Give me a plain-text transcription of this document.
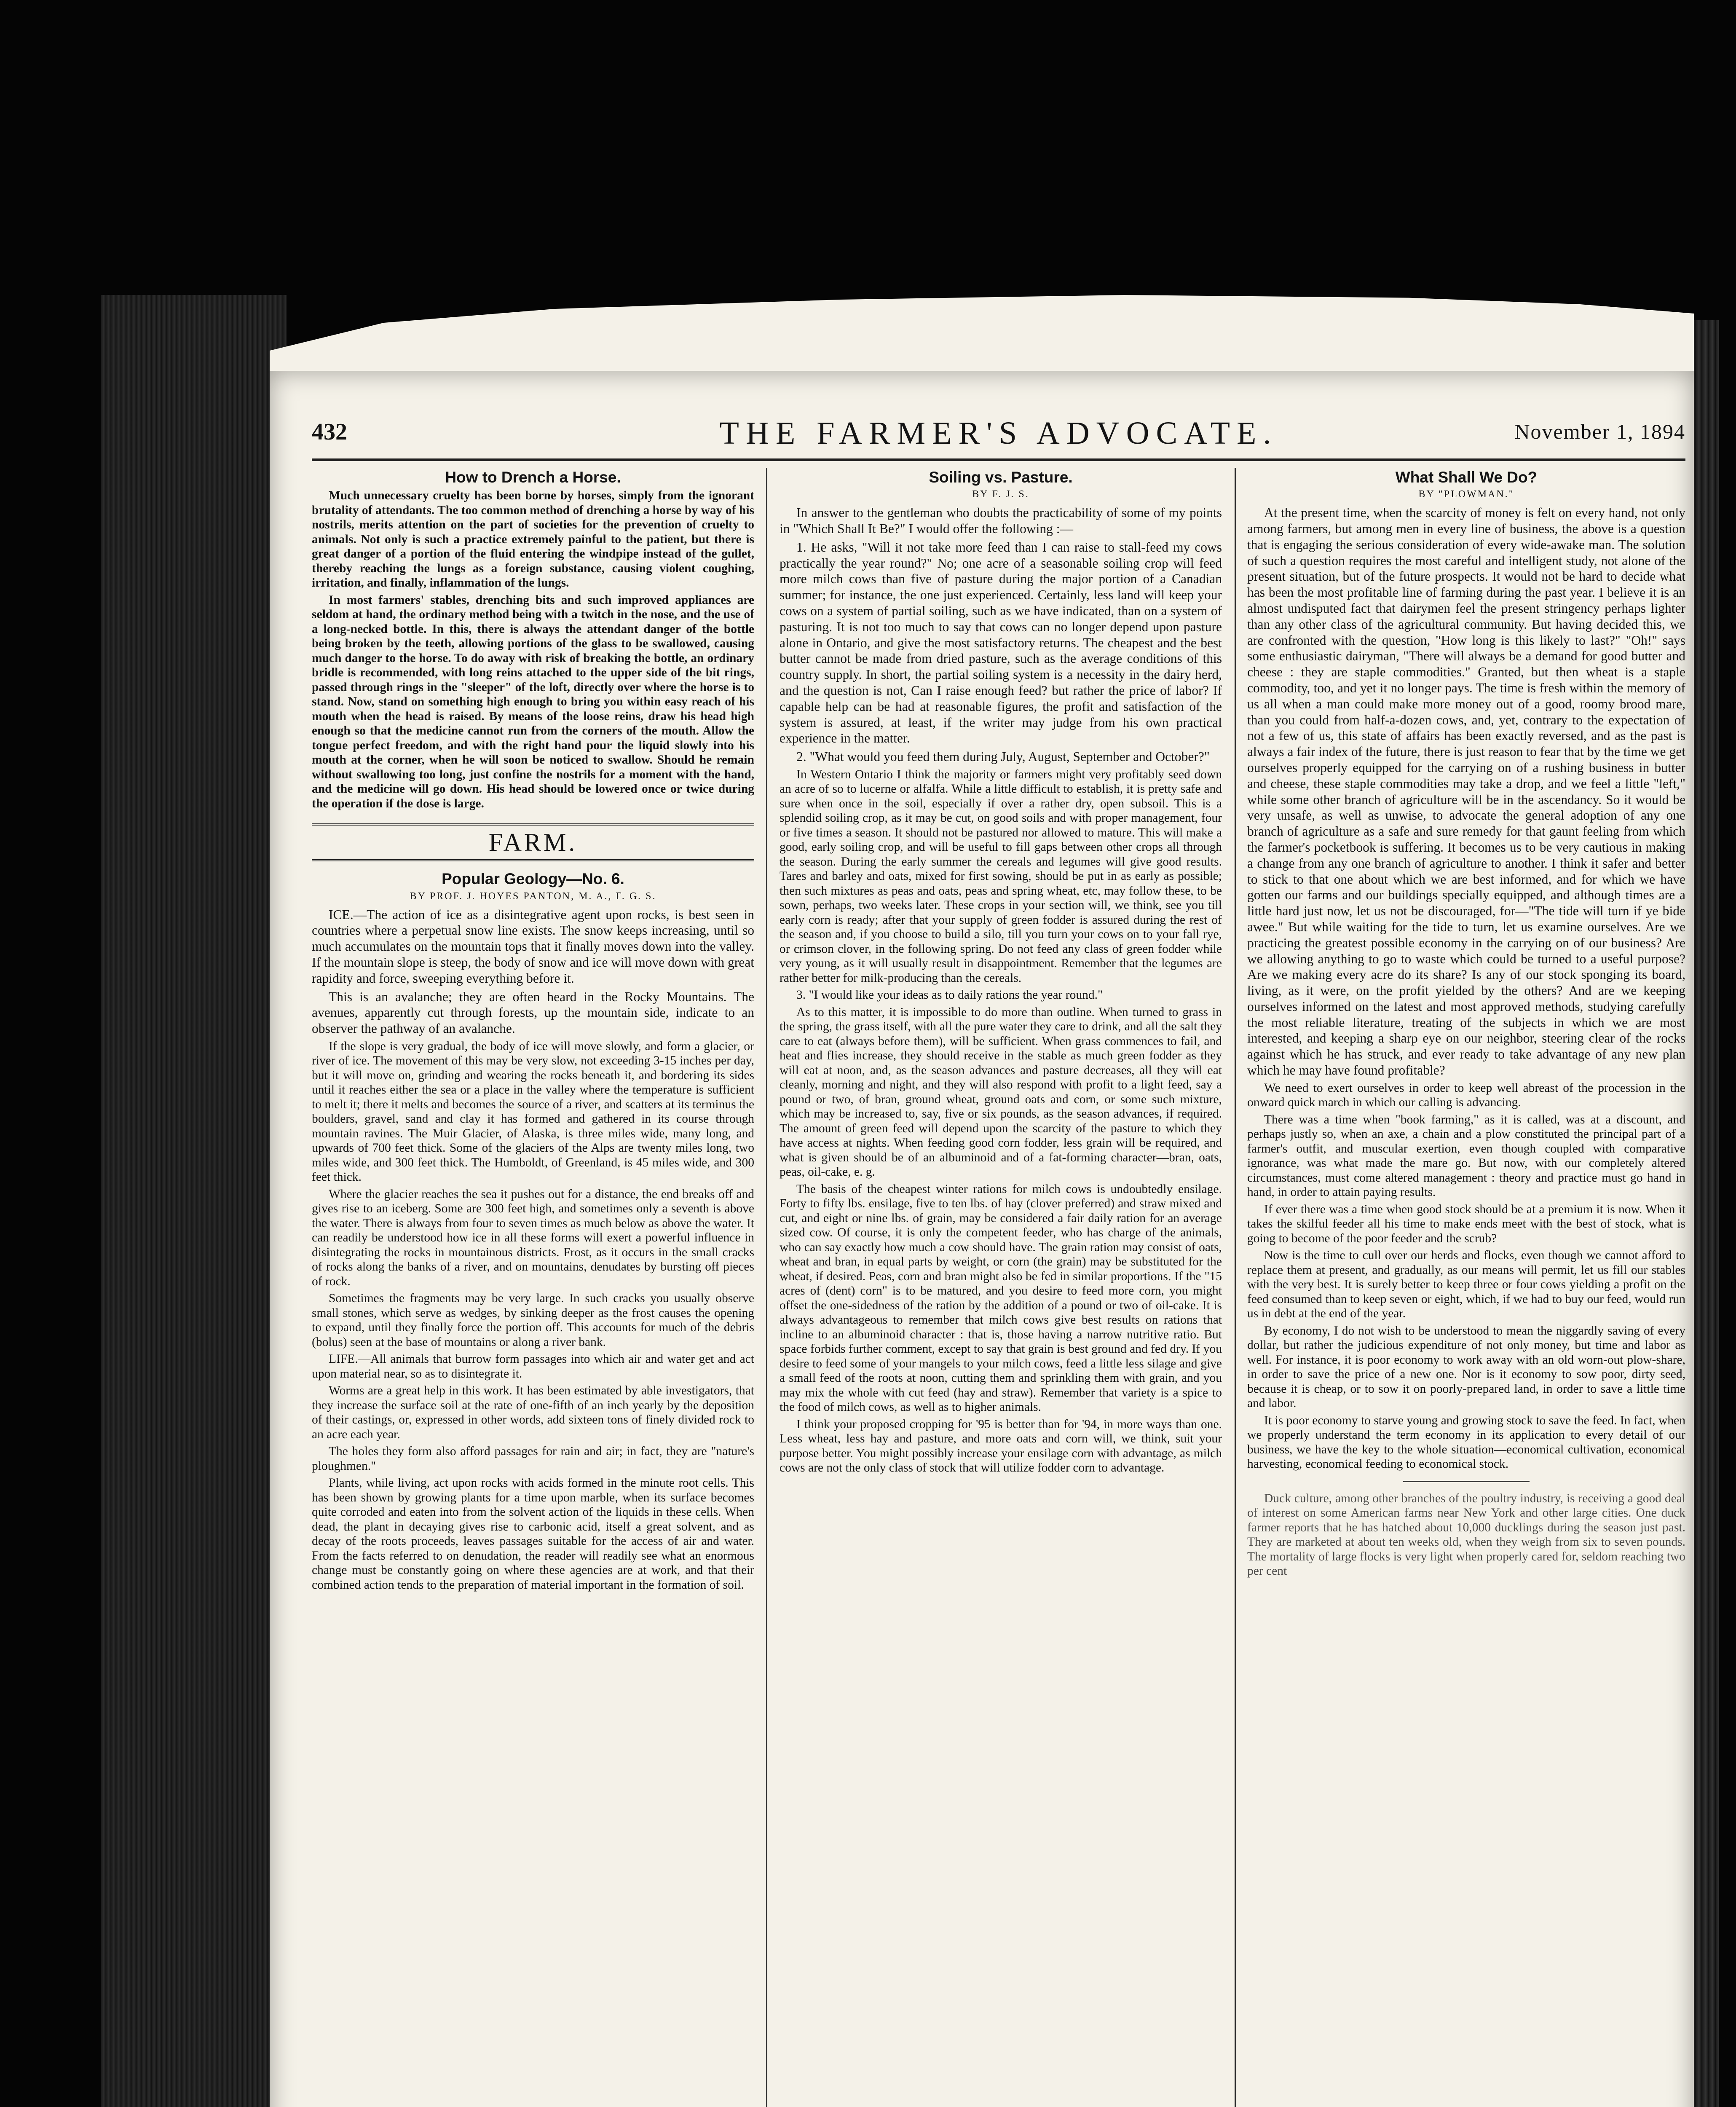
432	THE FARMER'S ADVOCATE.	November 1, 1894
How to Drench a Horse.

Much unnecessary cruelty has been borne by horses, simply from the ignorant brutality of attendants. The too common method of drenching a horse by way of his nostrils, merits attention on the part of societies for the prevention of cruelty to animals. Not only is such a practice extremely painful to the patient, but there is great danger of a portion of the fluid entering the windpipe instead of the gullet, thereby reaching the lungs as a foreign substance, causing violent coughing, irritation, and finally, inflammation of the lungs.

In most farmers' stables, drenching bits and such improved appliances are seldom at hand, the ordinary method being with a twitch in the nose, and the use of a long-necked bottle. In this, there is always the attendant danger of the bottle being broken by the teeth, allowing portions of the glass to be swallowed, causing much danger to the horse. To do away with risk of breaking the bottle, an ordinary bridle is recommended, with long reins attached to the upper side of the bit rings, passed through rings in the "sleeper" of the loft, directly over where the horse is to stand. Now, stand on something high enough to bring you within easy reach of his mouth when the head is raised. By means of the loose reins, draw his head high enough so that the medicine cannot run from the corners of the mouth. Allow the tongue perfect freedom, and with the right hand pour the liquid slowly into his mouth at the corner, when he will soon be noticed to swallow. Should he remain without swallowing too long, just confine the nostrils for a moment with the hand, and the medicine will go down. His head should be lowered once or twice during the operation if the dose is large.

FARM.
Popular Geology—No. 6.
BY PROF. J. HOYES PANTON, M. A., F. G. S.

ICE.—The action of ice as a disintegrative agent upon rocks, is best seen in countries where a perpetual snow line exists. The snow keeps increasing, until so much accumulates on the mountain tops that it finally moves down into the valley. If the mountain slope is steep, the body of snow and ice will move down with great rapidity and force, sweeping everything before it.

This is an avalanche; they are often heard in the Rocky Mountains. The avenues, apparently cut through forests, up the mountain side, indicate to an observer the pathway of an avalanche.

If the slope is very gradual, the body of ice will move slowly, and form a glacier, or river of ice. The movement of this may be very slow, not exceeding 3-15 inches per day, but it will move on, grinding and wearing the rocks beneath it, and bordering its sides until it reaches either the sea or a place in the valley where the temperature is sufficient to melt it; there it melts and becomes the source of a river, and scatters at its terminus the boulders, gravel, sand and clay it has formed and gathered in its course through mountain ravines. The Muir Glacier, of Alaska, is three miles wide, many long, and upwards of 700 feet thick. Some of the glaciers of the Alps are twenty miles long, two miles wide, and 300 feet thick. The Humboldt, of Greenland, is 45 miles wide, and 300 feet thick.

Where the glacier reaches the sea it pushes out for a distance, the end breaks off and gives rise to an iceberg. Some are 300 feet high, and sometimes only a seventh is above the water. There is always from four to seven times as much below as above the water. It can readily be understood how ice in all these forms will exert a powerful influence in disintegrating the rocks in mountainous districts. Frost, as it occurs in the small cracks of rocks along the banks of a river, and on mountains, denudates by bursting off pieces of rock.

Sometimes the fragments may be very large. In such cracks you usually observe small stones, which serve as wedges, by sinking deeper as the frost causes the opening to expand, until they finally force the portion off. This accounts for much of the debris (bolus) seen at the base of mountains or along a river bank.

LIFE.—All animals that burrow form passages into which air and water get and act upon material near, so as to disintegrate it.

Worms are a great help in this work. It has been estimated by able investigators, that they increase the surface soil at the rate of one-fifth of an inch yearly by the deposition of their castings, or, expressed in other words, add sixteen tons of finely divided rock to an acre each year.

The holes they form also afford passages for rain and air; in fact, they are "nature's ploughmen."

Plants, while living, act upon rocks with acids formed in the minute root cells. This has been shown by growing plants for a time upon marble, when its surface becomes quite corroded and eaten into from the solvent action of the liquids in these cells. When dead, the plant in decaying gives rise to carbonic acid, itself a great solvent, and as decay of the roots proceeds, leaves passages suitable for the access of air and water. From the facts referred to on denudation, the reader will readily see what an enormous change must be constantly going on where these agencies are at work, and that their combined action tends to the preparation of material important in the formation of soil.

Soiling vs. Pasture.
BY F. J. S.

In answer to the gentleman who doubts the practicability of some of my points in "Which Shall It Be?" I would offer the following :—

1. He asks, "Will it not take more feed than I can raise to stall-feed my cows practically the year round?" No; one acre of a seasonable soiling crop will feed more milch cows than five of pasture during the major portion of a Canadian summer; for instance, the one just experienced. Certainly, less land will keep your cows on a system of partial soiling, such as we have indicated, than on a system of pasturing. It is not too much to say that cows can no longer depend upon pasture alone in Ontario, and give the most satisfactory returns. The cheapest and the best butter cannot be made from dried pasture, such as the average conditions of this country supply. In short, the partial soiling system is a necessity in the dairy herd, and the question is not, Can I raise enough feed? but rather the price of labor? If capable help can be had at reasonable figures, the profit and satisfaction of the system is assured, at least, if the writer may judge from his own practical experience in the matter.

2. "What would you feed them during July, August, September and October?"

In Western Ontario I think the majority or farmers might very profitably seed down an acre of so to lucerne or alfalfa. While a little difficult to establish, it is pretty safe and sure when once in the soil, especially if over a rather dry, open subsoil. This is a splendid soiling crop, as it may be cut, on good soils and with proper management, four or five times a season. It should not be pastured nor allowed to mature. This will make a good, early soiling crop, and will be useful to fill gaps between other crops all through the season. During the early summer the cereals and legumes will give good results. Tares and barley and oats, mixed for first sowing, should be put in as early as possible; then such mixtures as peas and oats, peas and spring wheat, etc, may follow these, to be sown, perhaps, two weeks later. These crops in your section will, we think, see you till early corn is ready; after that your supply of green fodder is assured during the rest of the season and, if you choose to build a silo, till you turn your cows on to your fall rye, or crimson clover, in the following spring. Do not feed any class of green fodder while very young, as it will usually result in disappointment. Remember that the legumes are rather better for milk-producing than the cereals.

3. "I would like your ideas as to daily rations the year round."

As to this matter, it is impossible to do more than outline. When turned to grass in the spring, the grass itself, with all the pure water they care to drink, and all the salt they care to eat (always before them), will be sufficient. When grass commences to fail, and heat and flies increase, they should receive in the stable as much green fodder as they will eat at noon, and, as the season advances and pasture decreases, all they will eat cleanly, morning and night, and they will also respond with profit to a light feed, say a pound or two, of bran, ground wheat, ground oats and corn, or some such mixture, which may be increased to, say, five or six pounds, as the season advances, if required. The amount of green feed will depend upon the scarcity of the pasture to which they have access at nights. When feeding good corn fodder, less grain will be required, and what is given should be of an albuminoid and of a fat-forming character—bran, oats, peas, oil-cake, e. g.

The basis of the cheapest winter rations for milch cows is undoubtedly ensilage. Forty to fifty lbs. ensilage, five to ten lbs. of hay (clover preferred) and straw mixed and cut, and eight or nine lbs. of grain, may be considered a fair daily ration for an average sized cow. Of course, it is only the competent feeder, who has charge of the animals, who can say exactly how much a cow should have. The grain ration may consist of oats, wheat and bran, in equal parts by weight, or corn (the grain) may be substituted for the wheat, if desired. Peas, corn and bran might also be fed in similar proportions. If the "15 acres of (dent) corn" is to be matured, and you desire to feed more corn, you might offset the one-sidedness of the ration by the addition of a pound or two of oil-cake. It is always advantageous to remember that milch cows give best results on rations that incline to an albuminoid character : that is, those having a narrow nutritive ratio. But space forbids further comment, except to say that grain is best ground and fed dry. If you desire to feed some of your mangels to your milch cows, feed a little less silage and give a small feed of the roots at noon, cutting them and sprinkling them with grain, and you may mix the whole with cut feed (hay and straw). Remember that variety is a spice to the food of milch cows, as well as to higher animals.

I think your proposed cropping for '95 is better than for '94, in more ways than one. Less wheat, less hay and pasture, and more oats and corn will, we think, suit your purpose better. You might possibly increase your ensilage corn with advantage, as milch cows are not the only class of stock that will utilize fodder corn to advantage.

What Shall We Do?
BY "PLOWMAN."

At the present time, when the scarcity of money is felt on every hand, not only among farmers, but among men in every line of business, the above is a question that is engaging the serious consideration of every wide-awake man. The solution of such a question requires the most careful and intelligent study, not alone of the present situation, but of the future prospects. It would not be hard to decide what has been the most profitable line of farming during the past year. I believe it is an almost undisputed fact that dairymen feel the present stringency perhaps lighter than any other class of the agricultural community. But having decided this, we are confronted with the question, "How long is this likely to last?" "Oh!" says some enthusiastic dairyman, "There will always be a demand for good butter and cheese : they are staple commodities." Granted, but then wheat is a staple commodity, too, and yet it no longer pays. The time is fresh within the memory of us all when a man could make more money out of a good, roomy brood mare, than you could from half-a-dozen cows, and, yet, contrary to the expectation of not a few of us, this state of affairs has been exactly reversed, and as the past is always a fair index of the future, there is just reason to fear that by the time we get ourselves properly equipped for the carrying on of a rushing business in butter and cheese, these staple commodities may take a drop, and we feel a little "left," while some other branch of agriculture will be in the ascendancy. So it would be very unsafe, as well as unwise, to advocate the general adoption of any one branch of agriculture as a safe and sure remedy for that gaunt feeling from which the farmer's pocketbook is suffering. It becomes us to be very cautious in making a change from any one branch of agriculture to another. I think it safer and better to stick to that one about which we are best informed, and for which we have gotten our farms and our buildings specially equipped, and although times are a little hard just now, let us not be discouraged, for—"The tide will turn if ye bide awee." But while waiting for the tide to turn, let us examine ourselves. Are we practicing the greatest possible economy in the carrying on of our business? Are we allowing anything to go to waste which could be turned to a useful purpose? Are we making every acre do its share? Is any of our stock sponging its board, living, as it were, on the profit yielded by the others? And are we keeping ourselves informed on the latest and most approved methods, studying carefully the most reliable literature, treating of the subjects in which we are most interested, and keeping a sharp eye on our neighbor, steering clear of the rocks against which he has struck, and ever ready to take advantage of any new plan which he may have found profitable?

We need to exert ourselves in order to keep well abreast of the procession in the onward quick march in which our calling is advancing.

There was a time when "book farming," as it is called, was at a discount, and perhaps justly so, when an axe, a chain and a plow constituted the principal part of a farmer's outfit, and muscular exertion, even though coupled with comparative ignorance, was what made the mare go. But now, with our completely altered circumstances, must come altered management : theory and practice must go hand in hand, in order to attain paying results.

If ever there was a time when good stock should be at a premium it is now. When it takes the skilful feeder all his time to make ends meet with the best of stock, what is going to become of the poor feeder and the scrub?

Now is the time to cull over our herds and flocks, even though we cannot afford to replace them at present, and gradually, as our means will permit, let us fill our stables with the very best. It is surely better to keep three or four cows yielding a profit on the feed consumed than to keep seven or eight, which, if we had to buy our feed, would run us in debt at the end of the year.

By economy, I do not wish to be understood to mean the niggardly saving of every dollar, but rather the judicious expenditure of not only money, but time and labor as well. For instance, it is poor economy to work away with an old worn-out plow-share, in order to save the price of a new one. Nor is it economy to sow poor, dirty seed, because it is cheap, or to sow it on poorly-prepared land, in order to save a little time and labor.

It is poor economy to starve young and growing stock to save the feed. In fact, when we properly understand the term economy in its application to every detail of our business, we have the key to the whole situation—economical cultivation, economical harvesting, economical feeding to economical stock.

Duck culture, among other branches of the poultry industry, is receiving a good deal of interest on some American farms near New York and other large cities. One duck farmer reports that he has hatched about 10,000 ducklings during the season just past. They are marketed at about ten weeks old, when they weigh from six to seven pounds. The mortality of large flocks is very light when properly cared for, seldom reaching two per cent
